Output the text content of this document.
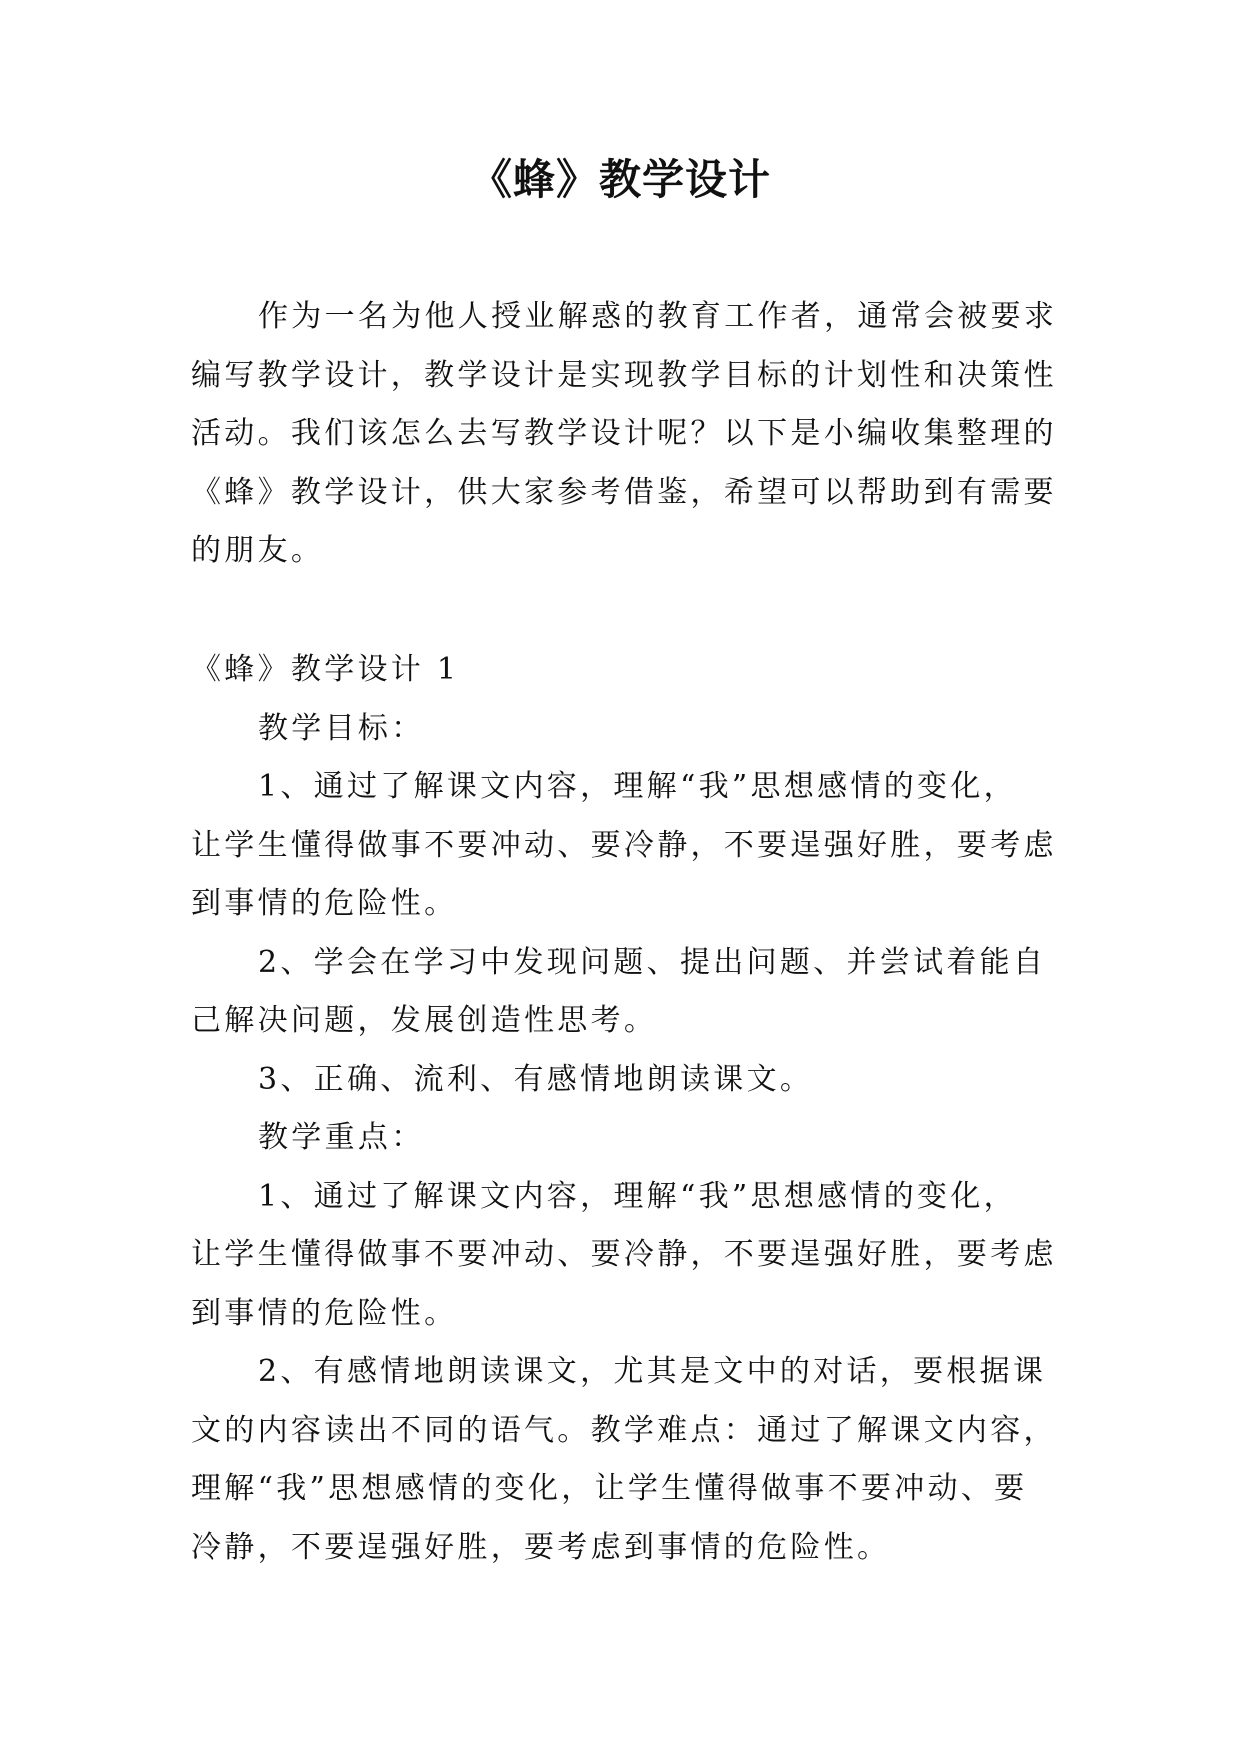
《蜂》教学设计
作为一名为他人授业解惑的教育工作者，通常会被要求
编写教学设计，教学设计是实现教学目标的计划性和决策性
活动。我们该怎么去写教学设计呢？以下是小编收集整理的
《蜂》教学设计，供大家参考借鉴，希望可以帮助到有需要
的朋友。
《蜂》教学设计 1
教学目标：
1、通过了解课文内容，理解“我”思想感情的变化，
让学生懂得做事不要冲动、要冷静，不要逞强好胜，要考虑
到事情的危险性。
2、学会在学习中发现问题、提出问题、并尝试着能自
己解决问题，发展创造性思考。
3、正确、流利、有感情地朗读课文。
教学重点：
1、通过了解课文内容，理解“我”思想感情的变化，
让学生懂得做事不要冲动、要冷静，不要逞强好胜，要考虑
到事情的危险性。
2、有感情地朗读课文，尤其是文中的对话，要根据课
文的内容读出不同的语气。教学难点：通过了解课文内容，
理解“我”思想感情的变化，让学生懂得做事不要冲动、要
冷静，不要逞强好胜，要考虑到事情的危险性。
